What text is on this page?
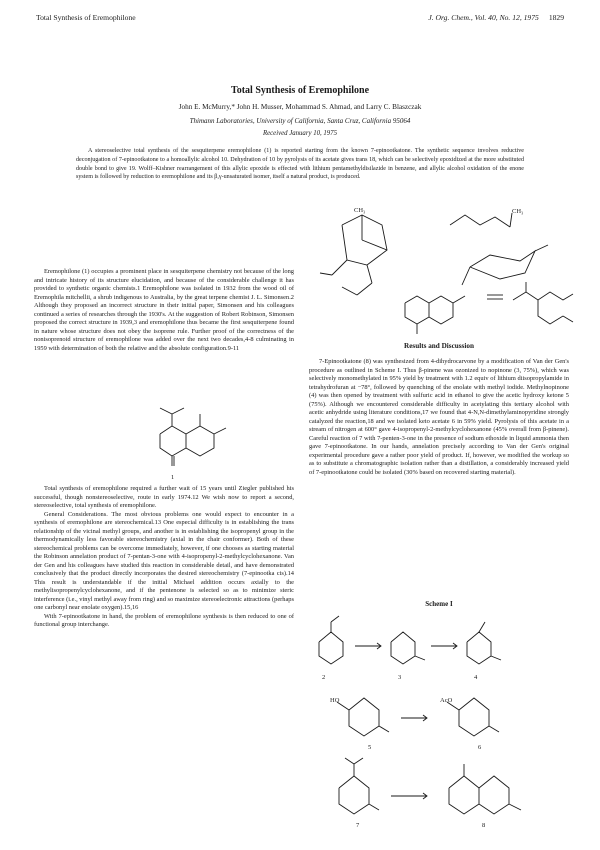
Total Synthesis of Eremophilone	J. Org. Chem., Vol. 40, No. 12, 1975 1829
Total Synthesis of Eremophilone
John E. McMurry,* John H. Musser, Mohammad S. Ahmad, and Larry C. Blaszczak
Thimann Laboratories, University of California, Santa Cruz, California 95064
Received January 10, 1975
A stereoselective total synthesis of the sesquiterpene eremophilone (1) is reported starting from the known 7-epinootkatone. The synthetic sequence involves reductive deconjugation of 7-epinootkatone to a homoallylic alcohol 10. Dehydration of 10 by pyrolysis of its acetate gives trans 18, which can be selectively epoxidized at the more substituted double bond to give 19. Wolff–Kishner rearrangement of this allylic epoxide is effected with lithium pentamethyldisilazide in benzene, and allylic alcohol oxidation of the enone system is followed by reduction to eremophilone and its β,γ-unsaturated isomer, itself a natural product, is produced.

Eremophilone (1) occupies a prominent place in sesquiterpene chemistry not because of the long and intricate history of its structure elucidation, and because of the considerable challenge it has provided to synthetic organic chemists.1 Eremophilone was isolated in 1932 from the wood oil of Eremophila mitchellii, a shrub indigenous to Australia, by the great terpene chemist J. L. Simonsen.2 Although they proposed an incorrect structure in their initial paper, Simonsen and his colleagues continued a series of researches through the 1930's. At the suggestion of Robert Robinson, Simonsen proposed the correct structure in 1939,3 and eremophilone thus became the first sesquiterpene found in nature whose structure does not obey the isoprene rule. Further proof of the correctness of the nonisoprenoid structure of eremophilone was added over the next two decades,4-8 culminating in 1959 with determination of both the relative and the absolute configuration.9-11

1

Total synthesis of eremophilone required a further wait of 15 years until Ziegler published his successful, though nonstereoselective, route in early 1974.12 We wish now to report a second, stereoselective, total synthesis of eremophilone.

General Considerations. The most obvious problems one would expect to encounter in a synthesis of eremophilone are stereochemical.13 One especial difficulty is in establishing the trans relationship of the vicinal methyl groups, and another is in establishing the isopropenyl group in the thermodynamically less favorable stereochemistry (axial in the chair conformer). Both of these stereochemical problems can be overcome immediately, however, if one chooses as starting material the Robinson annelation product of 7-pentan-3-one with 4-isopropenyl-2-methylcyclohexanone. Van der Gen and his colleagues have studied this reaction in considerable detail, and have demonstrated conclusively that the product directly incorporates the desired stereochemistry (7-epinootka cis).14 This result is understandable if the initial Michael addition occurs axially to the methylisopropenylcyclohexanone, and if the pentenone is selected so as to minimize steric interference (i.e., vinyl methyl away from ring) and so maximize stereoelectronic attractions (perhaps one carbonyl near enolate oxygen).15,16

With 7-epinootkatone in hand, the problem of eremophilone synthesis is then reduced to one of functional group interchange.

CH₃	CH₃
Results and Discussion

7-Epinootkatone (8) was synthesized from 4-dihydrocarvone by a modification of Van der Gen's procedure as outlined in Scheme I. Thus β-pinene was ozonized to nopinone (3, 75%), which was selectively monomethylated in 95% yield by treatment with 1.2 equiv of lithium diisopropylamide in tetrahydrofuran at −78°, followed by quenching of the enolate with methyl iodide. Methylnopinone (4) was then opened by treatment with sulfuric acid in ethanol to give the acetic hydroxy ketone 5 (75%). Although we encountered considerable difficulty in acetylating this tertiary alcohol with acetic anhydride using literature conditions,17 we found that 4-N,N-dimethylaminopyridine strongly catalyzed the reaction,18 and we isolated keto acetate 6 in 59% yield. Pyrolysis of this acetate in a stream of nitrogen at 600° gave 4-isopropenyl-2-methylcyclohexanone (45% overall from β-pinene). Careful reaction of 7 with 7-penten-3-one in the presence of sodium ethoxide in liquid ammonia then gave 7-epinootkatone. In our hands, annelation precisely according to Van der Gen's original experimental procedure gave a rather poor yield of product. If, however, we modified the workup so as to substitute a chromatographic isolation rather than a distillation, a considerably increased yield of 7-epinootkatone could be isolated (30% based on recovered starting material).

Scheme I
2	3	4
HO
5
AcO
6
7	8
